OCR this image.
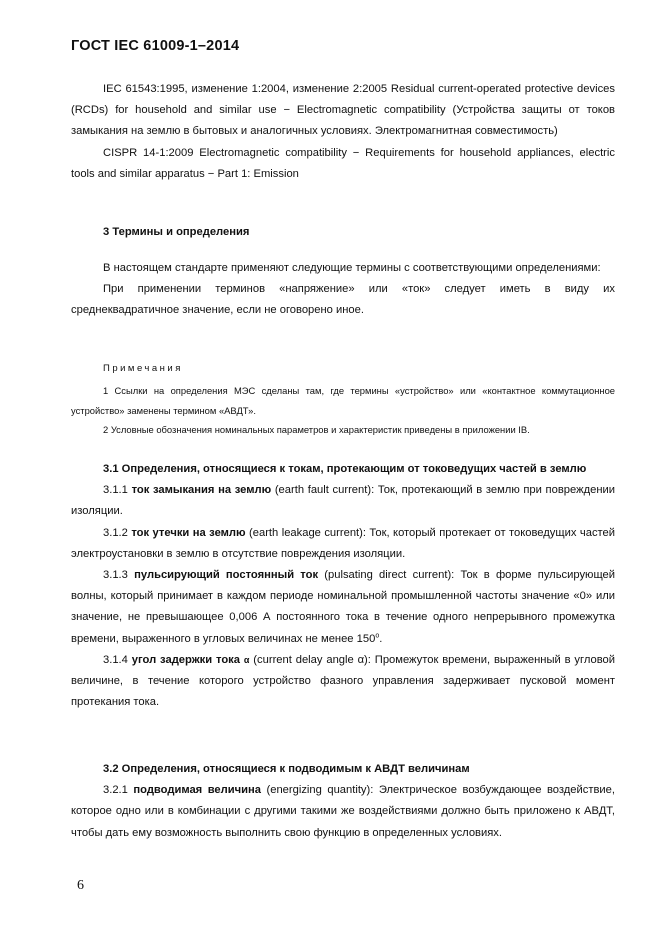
ГОСТ IEC 61009-1–2014

IEC 61543:1995, изменение 1:2004, изменение 2:2005 Residual current-operated protective devices (RCDs) for household and similar use − Electromagnetic compatibility (Устройства защиты от токов замыкания на землю в бытовых и аналогичных условиях. Электромагнитная совместимость)

CISPR 14-1:2009 Electromagnetic compatibility − Requirements for household appliances, electric tools and similar apparatus − Part 1: Emission

3 Термины и определения

В настоящем стандарте применяют следующие термины с соответствующими определениями:

При применении терминов «напряжение» или «ток» следует иметь в виду их среднеквадратичное значение, если не оговорено иное.

Примечания
1 Ссылки на определения МЭС сделаны там, где термины «устройство» или «контактное коммутационное устройство» заменены термином «АВДТ».
2 Условные обозначения номинальных параметров и характеристик приведены в приложении IB.

3.1 Определения, относящиеся к токам, протекающим от токоведущих частей в землю

3.1.1 ток замыкания на землю (earth fault current): Ток, протекающий в землю при повреждении изоляции.

3.1.2 ток утечки на землю (earth leakage current): Ток, который протекает от токоведущих частей электроустановки в землю в отсутствие повреждения изоляции.

3.1.3 пульсирующий постоянный ток (pulsating direct current): Ток в форме пульсирующей волны, который принимает в каждом периоде номинальной промышленной частоты значение «0» или значение, не превышающее 0,006 А постоянного тока в течение одного непрерывного промежутка времени, выраженного в угловых величинах не менее $150^о$.

3.1.4 угол задержки тока α (current delay angle α): Промежуток времени, выраженный в угловой величине, в течение которого устройство фазного управления задерживает пусковой момент протекания тока.

3.2 Определения, относящиеся к подводимым к АВДТ величинам

3.2.1 подводимая величина (energizing quantity): Электрическое возбуждающее воздействие, которое одно или в комбинации с другими такими же воздействиями должно быть приложено к АВДТ, чтобы дать ему возможность выполнить свою функцию в определенных условиях.

6
